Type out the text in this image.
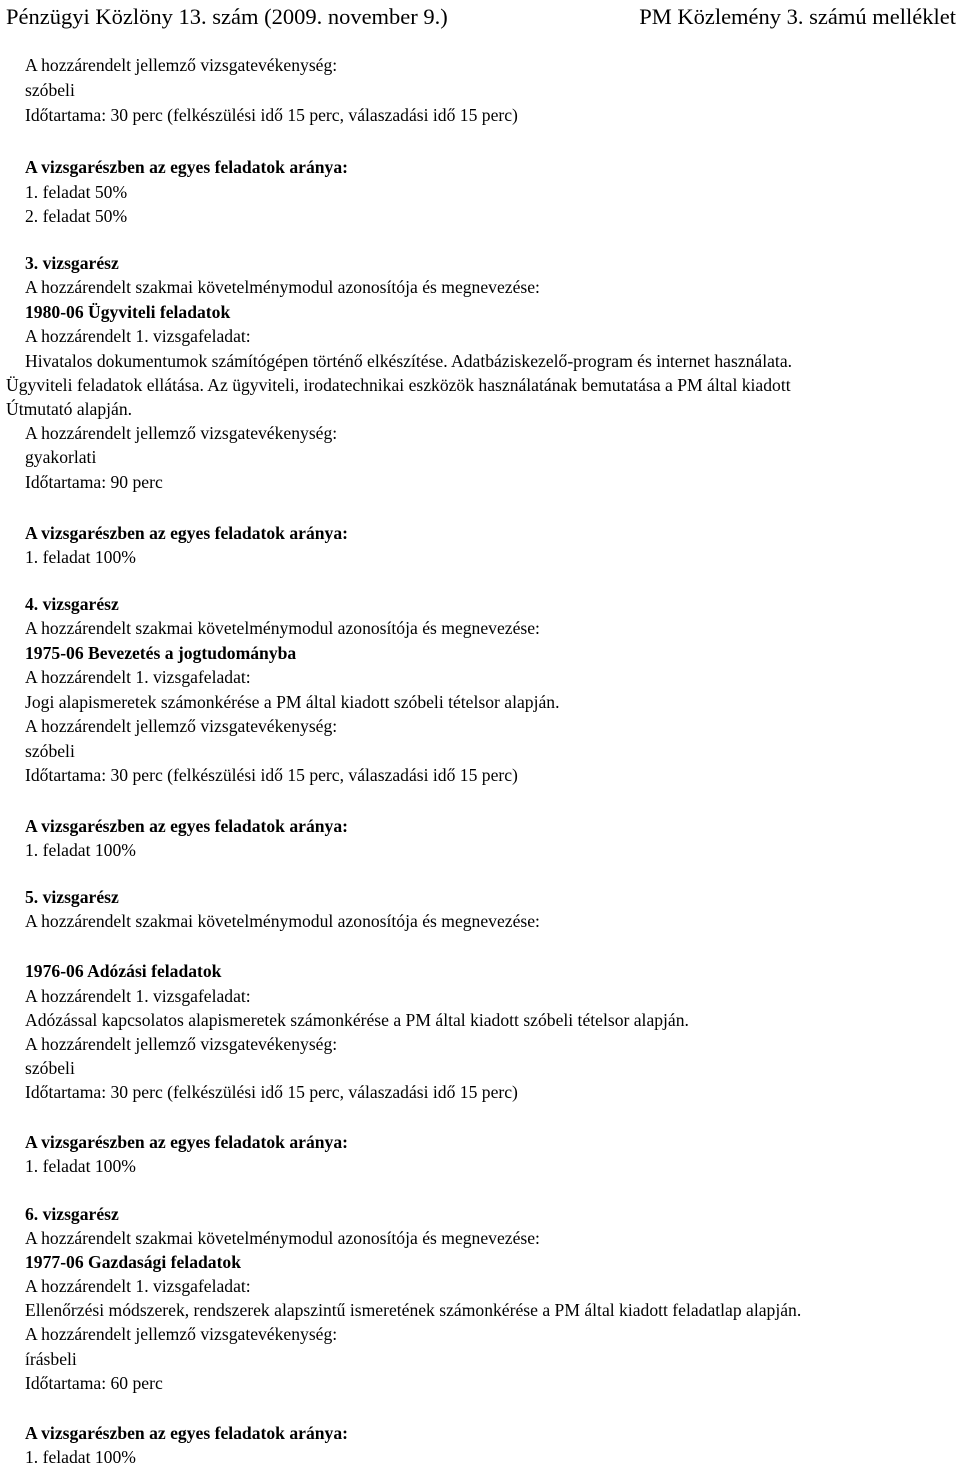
Pénzügyi Közlöny 13. szám (2009. november 9.)	PM Közlemény 3. számú melléklet
A hozzárendelt jellemző vizsgatevékenység:
szóbeli
Időtartama: 30 perc (felkészülési idő 15 perc, válaszadási idő 15 perc)
A vizsgarészben az egyes feladatok aránya:
1. feladat 50%
2. feladat 50%
3. vizsgarész
A hozzárendelt szakmai követelménymodul azonosítója és megnevezése:
1980-06 Ügyviteli feladatok
A hozzárendelt 1. vizsgafeladat:
Hivatalos dokumentumok számítógépen történő elkészítése. Adatbáziskezelő-program és internet használata.
Ügyviteli feladatok ellátása. Az ügyviteli, irodatechnikai eszközök használatának bemutatása a PM által kiadott
Útmutató alapján.
A hozzárendelt jellemző vizsgatevékenység:
gyakorlati
Időtartama: 90 perc
A vizsgarészben az egyes feladatok aránya:
1. feladat 100%
4. vizsgarész
A hozzárendelt szakmai követelménymodul azonosítója és megnevezése:
1975-06 Bevezetés a jogtudományba
A hozzárendelt 1. vizsgafeladat:
Jogi alapismeretek számonkérése a PM által kiadott szóbeli tételsor alapján.
A hozzárendelt jellemző vizsgatevékenység:
szóbeli
Időtartama: 30 perc (felkészülési idő 15 perc, válaszadási idő 15 perc)
A vizsgarészben az egyes feladatok aránya:
1. feladat 100%
5. vizsgarész
A hozzárendelt szakmai követelménymodul azonosítója és megnevezése:
1976-06 Adózási feladatok
A hozzárendelt 1. vizsgafeladat:
Adózással kapcsolatos alapismeretek számonkérése a PM által kiadott szóbeli tételsor alapján.
A hozzárendelt jellemző vizsgatevékenység:
szóbeli
Időtartama: 30 perc (felkészülési idő 15 perc, válaszadási idő 15 perc)
A vizsgarészben az egyes feladatok aránya:
1. feladat 100%
6. vizsgarész
A hozzárendelt szakmai követelménymodul azonosítója és megnevezése:
1977-06 Gazdasági feladatok
A hozzárendelt 1. vizsgafeladat:
Ellenőrzési módszerek, rendszerek alapszintű ismeretének számonkérése a PM által kiadott feladatlap alapján.
A hozzárendelt jellemző vizsgatevékenység:
írásbeli
Időtartama: 60 perc
A vizsgarészben az egyes feladatok aránya:
1. feladat 100%
